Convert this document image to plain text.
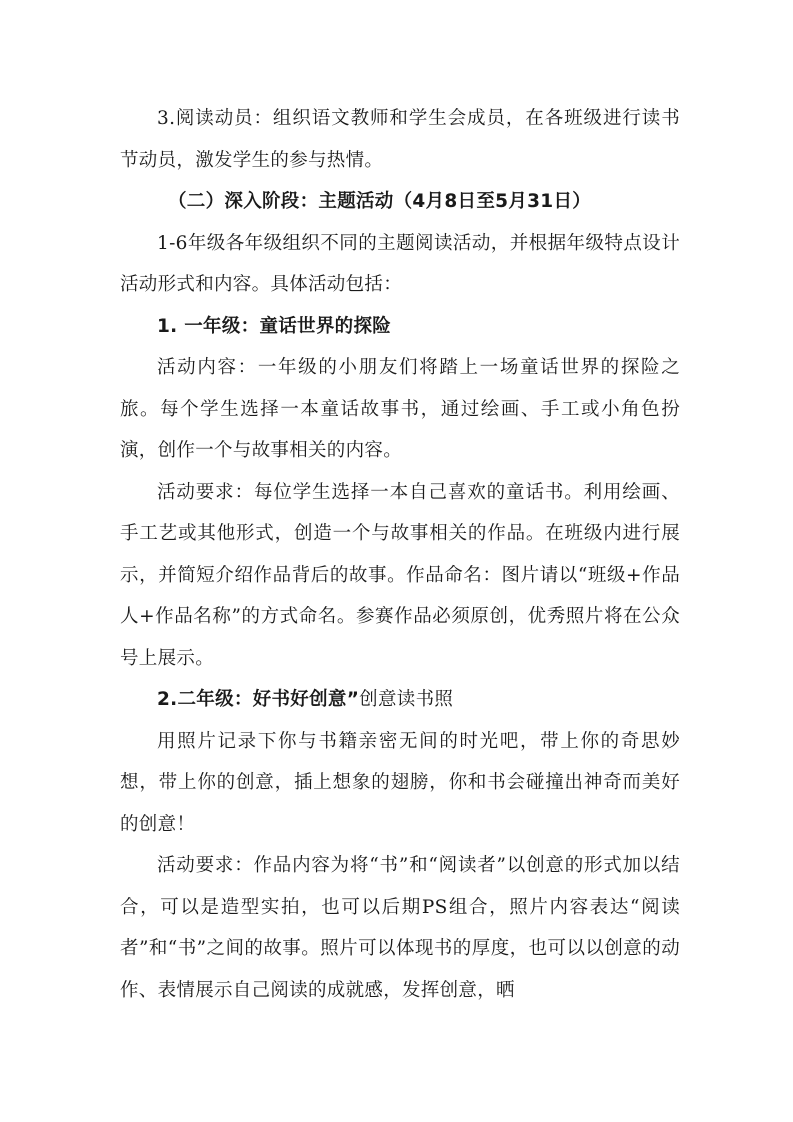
3.阅读动员：组织语文教师和学生会成员，在各班级进行读书节动员，激发学生的参与热情。

（二）深入阶段：主题活动（4月8日至5月31日）

1-6年级各年级组织不同的主题阅读活动，并根据年级特点设计活动形式和内容。具体活动包括：

1. 一年级：童话世界的探险

活动内容：一年级的小朋友们将踏上一场童话世界的探险之旅。每个学生选择一本童话故事书，通过绘画、手工或小角色扮演，创作一个与故事相关的内容。

活动要求：每位学生选择一本自己喜欢的童话书。利用绘画、手工艺或其他形式，创造一个与故事相关的作品。在班级内进行展示，并简短介绍作品背后的故事。作品命名：图片请以“班级+作品人+作品名称”的方式命名。参赛作品必须原创，优秀照片将在公众号上展示。

2.二年级：好书好创意”创意读书照

用照片记录下你与书籍亲密无间的时光吧，带上你的奇思妙想，带上你的创意，插上想象的翅膀，你和书会碰撞出神奇而美好的创意！

活动要求：作品内容为将“书”和“阅读者”以创意的形式加以结合，可以是造型实拍，也可以后期PS组合，照片内容表达“阅读者”和“书”之间的故事。照片可以体现书的厚度，也可以以创意的动作、表情展示自己阅读的成就感，发挥创意，晒
